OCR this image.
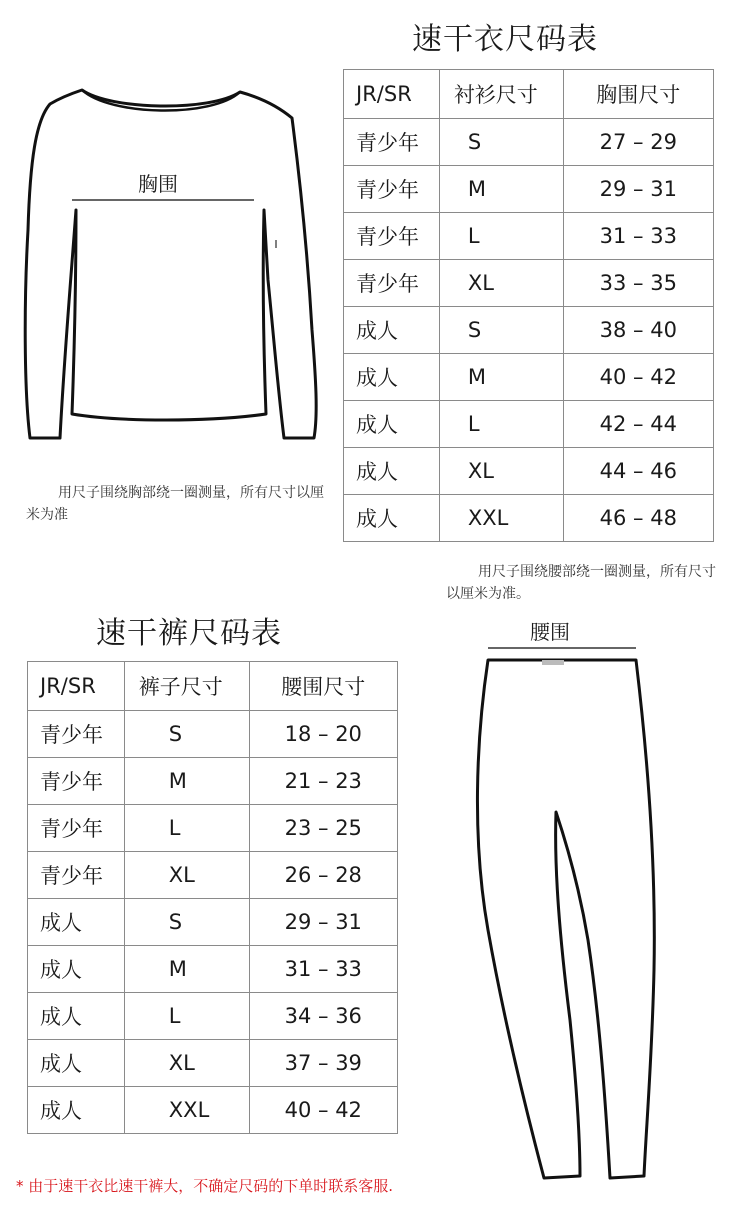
速干衣尺码表
胸围
用尺子围绕胸部绕一圈测量，所有尺寸以厘米为准
JR/SR	衬衫尺寸	胸围尺寸
青少年	S	27 – 29
青少年	M	29 – 31
青少年	L	31 – 33
青少年	XL	33 – 35
成人	S	38 – 40
成人	M	40 – 42
成人	L	42 – 44
成人	XL	44 – 46
成人	XXL	46 – 48
用尺子围绕腰部绕一圈测量，所有尺寸以厘米为准。
速干裤尺码表	腰围
JR/SR	裤子尺寸	腰围尺寸
青少年	S	18 – 20
青少年	M	21 – 23
青少年	L	23 – 25
青少年	XL	26 – 28
成人	S	29 – 31
成人	M	31 – 33
成人	L	34 – 36
成人	XL	37 – 39
成人	XXL	40 – 42
* 由于速干衣比速干裤大，不确定尺码的下单时联系客服.
